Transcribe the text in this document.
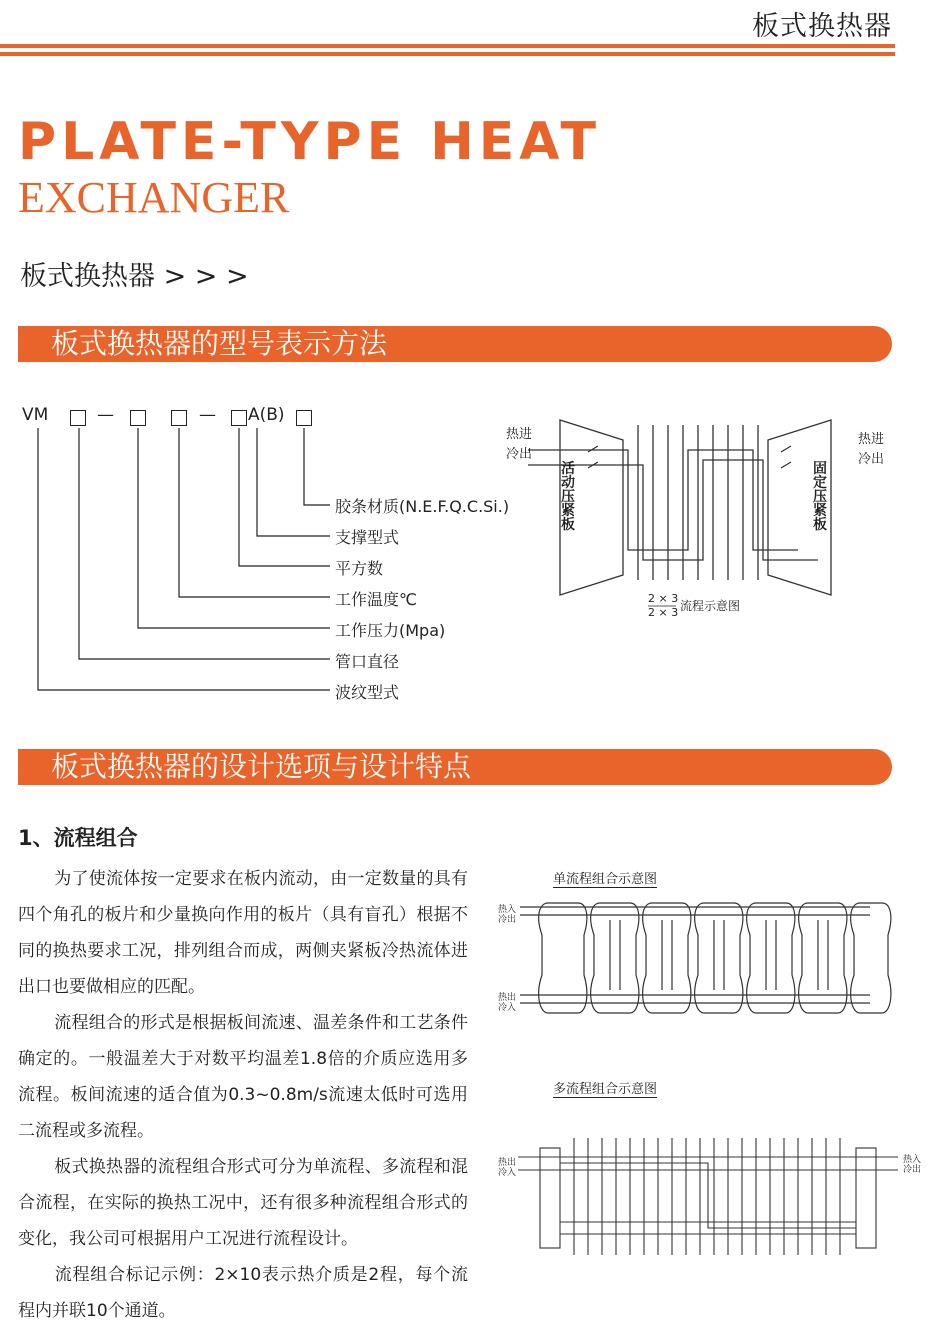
板式换热器
PLATE-TYPE HEAT
EXCHANGER
板式换热器 > > >
板式换热器的型号表示方法
VM	—	— A(B)
胶条材质(N.E.F.Q.C.Si.)
支撑型式
平方数
工作温度℃
工作压力(Mpa)
管口直径
波纹型式
热进
冷出
热进
冷出
2 × 3
2 × 3 流程示意图
活动压紧板
固定压紧板
板式换热器的设计选项与设计特点
1、流程组合
为了使流体按一定要求在板内流动，由一定数量的具有四个角孔的板片和少量换向作用的板片（具有盲孔）根据不同的换热要求工况，排列组合而成，两侧夹紧板冷热流体进出口也要做相应的匹配。
流程组合的形式是根据板间流速、温差条件和工艺条件确定的。一般温差大于对数平均温差1.8倍的介质应选用多流程。板间流速的适合值为0.3~0.8m/s流速太低时可选用二流程或多流程。
板式换热器的流程组合形式可分为单流程、多流程和混合流程，在实际的换热工况中，还有很多种流程组合形式的变化，我公司可根据用户工况进行流程设计。
流程组合标记示例：2×10表示热介质是2程，每个流程内并联10个通道。
单流程组合示意图
热入
冷出
热出
冷入
多流程组合示意图
热出
冷入
热入
冷出
